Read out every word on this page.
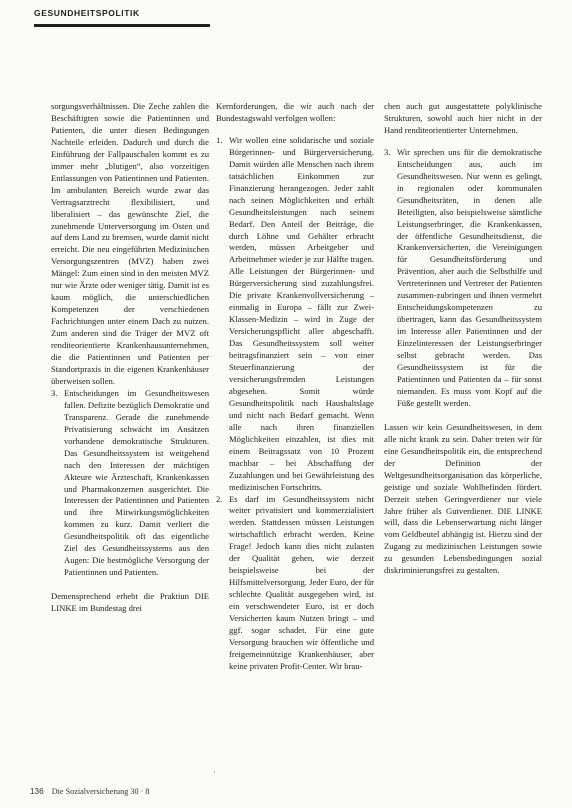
GESUNDHEITSPOLITIK

sorgungsverhältnissen. Die Zeche zahlen die Beschäftigten sowie die Patientinnen und Patienten, die unter diesen Bedingungen Nachteile erleiden. Dadurch und durch die Einführung der Fallpauschalen kommt es zu immer mehr „blutigen“, also vorzeitigen Entlassungen von Patientinnen und Patienten. Im ambulanten Bereich wurde zwar das Vertragsarztrecht flexibilisiert, und liberalisiert – das gewünschte Ziel, die zunehmende Unterversorgung im Osten und auf dem Land zu bremsen, wurde damit nicht erreicht. Die neu eingeführten Medizinischen Versorgungszentren (MVZ) haben zwei Mängel: Zum einen sind in den meisten MVZ nur wie Ärzte oder weniger tätig. Damit ist es kaum möglich, die unterschiedlichen Kompetenzen der verschiedenen Fachrichtungen unter einem Dach zu nutzen. Zum anderen sind die Träger der MVZ oft renditeorientierte Krankenhausunternehmen, die die Patientinnen und Patienten per Standortpraxis in die eigenen Krankenhäuser überweisen sollen.

3. Entscheidungen im Gesundheitswesen fallen. Defizite bezüglich Demokratie und Transparenz. Gerade die zunehmende Privatisierung schwächt im Ansätzen vorhandene demokratische Strukturen. Das Gesundheitssystem ist weitgehend nach den Interessen der mächtigen Akteure wie Ärzteschaft, Krankenkassen und Pharmakonzernen ausgerichtet. Die Interessen der Patientinnen und Patienten und ihre Mitwirkungsmöglichkeiten kommen zu kurz. Damit verliert die Gesundheitspolitik oft das eigentliche Ziel des Gesundheitssystems aus den Augen: Die bestmögliche Versorgung der Patientinnen und Patienten.

Demensprechend erhebt die Praktiun DIE LINKE im Bundestag drei

Kernforderungen, die wir auch nach der Bundestagswahl verfolgen wollen:

1. Wir wollen eine solidarische und soziale Bürgerinnen- und Bürgerversicherung. Damit würden alle Menschen nach ihrem tatsächlichen Einkommen zur Finanzierung herangezogen. Jeder zahlt nach seinen Möglichkeiten und erhält Gesundheitsleistungen nach seinem Bedarf. Den Anteil der Beiträge, die durch Löhne und Gehälter erbracht werden, müssen Arbeitgeber und Arbeitnehmer wieder je zur Hälfte tragen. Alle Leistungen der Bürgerinnen- und Bürgerversicherung sind zuzahlungsfrei. Die private Krankenvollversicherung – einmalig in Europa – fällt zur Zwei-Klassen-Medizin – wird in Zuge der Versicherungspflicht aller abgeschafft. Das Gesundheitssystem soll weiter beitragsfinanziert sein – von einer Steuerfinanzierung der versicherungsfremden Leistungen abgesehen. Somit würde Gesundheitspolitik nach Haushaltslage und nicht nach Bedarf gemacht. Wenn alle nach ihren finanziellen Möglichkeiten einzahlen, ist dies mit einem Beitragssatz von 10 Prozent machbar – bei Abschaffung der Zuzahlungen und bei Gewährleistung des medizinischen Fortschritts.
2. Es darf im Gesundheitssystem nicht weiter privatisiert und kommerzialisiert werden. Stattdessen müssen Leistungen wirtschaftlich erbracht werden. Keine Frage! Jedoch kann dies nicht zulasten der Qualität gehen, wie derzeit beispielsweise bei der Hilfsmittelversorgung. Jeder Euro, der für schlechte Qualität ausgegeben wird, ist ein verschwendeter Euro, ist er doch Versicherten kaum Nutzen bringt – und ggf. sogar schadet. Für eine gute Versorgung brauchen wir öffentliche und freigemeinnützige Krankenhäuser, aber keine privaten Profit-Center. Wir brau-

chen auch gut ausgestattete polyklinische Strukturen, sowohl auch hier nicht in der Hand renditeorientierter Unternehmen.

3. Wir sprechen uns für die demokratische Entscheidungen aus, auch im Gesundheitswesen. Nur wenn es gelingt, in regionalen oder kommunalen Gesundheitsräten, in denen alle Beteiligten, also beispielsweise sämtliche Leistungserbringer, die Krankenkassen, der öffentliche Gesundheitsdienst, die Krankenversicherten, die Vereinigungen für Gesundheitsförderung und Prävention, aber auch die Selbsthilfe und Vertreterinnen und Vertreter der Patienten zusammen-zubringen und ihnen vermehrt Entscheidungskompetenzen zu übertragen, kann das Gesundheitssystem im Interesse aller Patientinnen und der Einzelinteressen der Leistungserbringer selbst gebracht werden. Das Gesundheitssystem ist für die Patientinnen und Patienten da – für sonst niemanden. Es muss vom Kopf auf die Füße gestellt werden.

Lassen wir kein Gesundheitswesen, in dem alle nicht krank zu sein. Daher treten wir für eine Gesundheitspolitik ein, die entsprechend der Definition der Weltgesundheitsorganisation das körperliche, geistige und soziale Wohlbefinden fördert. Derzeit stehen Geringverdiener nur viele Jahre früher als Gutverdiener. DIE LINKE will, dass die Lebenserwartung nicht länger vom Geldbeutel abhängig ist. Hierzu sind der Zugang zu medizinischen Leistungen sowie zu gesunden Lebensbedingungen sozial diskriminierungsfrei zu gestalten.

·
136 Die Sozialversicherung 30 · 8
